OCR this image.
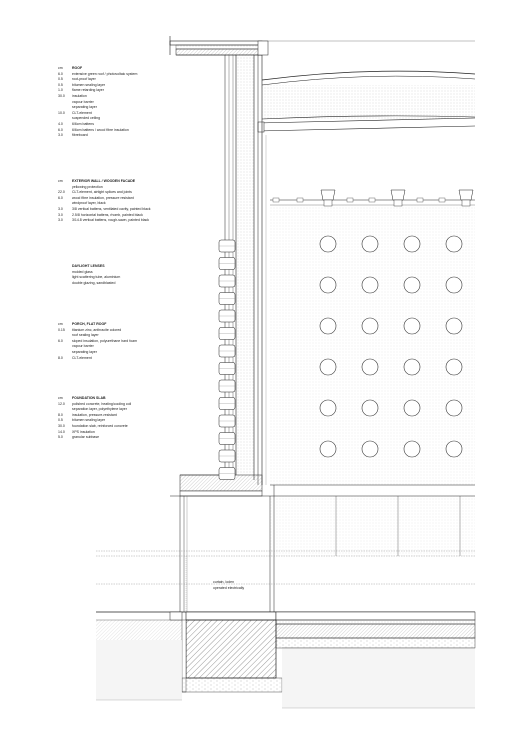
cm	ROOF
6.0	extensive green roof / photovoltaic system
0.5	root-proof layer
0.5	bitumen sealing layer
1.0	flame retarding layer
30.0	insulation
vapour barrier
separating layer
10.0	CLT-element
suspended ceiling
4.0	6/6cm battens
6.0	6/6cm battens / wood fibre insulation
3.0	fibreboard
cm	EXTERIOR WALL / WOODEN FACADE
yellowing protection
22.0	CLT-element, airtight splices and joints
6.0	wood fibre insulation, pressure resistant
windproof layer, black
3.0	3/8 vertical battens, ventilated cavity, painted black
3.0	2.5/8 horizontal battens, rhomb, painted black
3.0	3/14.8 vertical battens, rough-sawn, painted black
DAYLIGHT LENSES
molded glass
light scattering tube, aluminium
double glazing, sandblasted
cm	PORCH, FLAT ROOF
0.15	titanium zinc, anthracite colored
roof sealing layer
6.0	sloped insulation, polyurethane hard foam
vapour barrier
separating layer
8.0	CLT-element
cm	FOUNDATION SLAB
12.0	polished concrete, heating/cooling coil
separation layer, polyethylene layer
8.0	insulation, pressure-resistant
0.5	bitumen sealing layer
30.0	foundation slab, reinforced concrete
14.0	XPS insulation
5.0	granular subbase
curtain, loden
operated electrically
